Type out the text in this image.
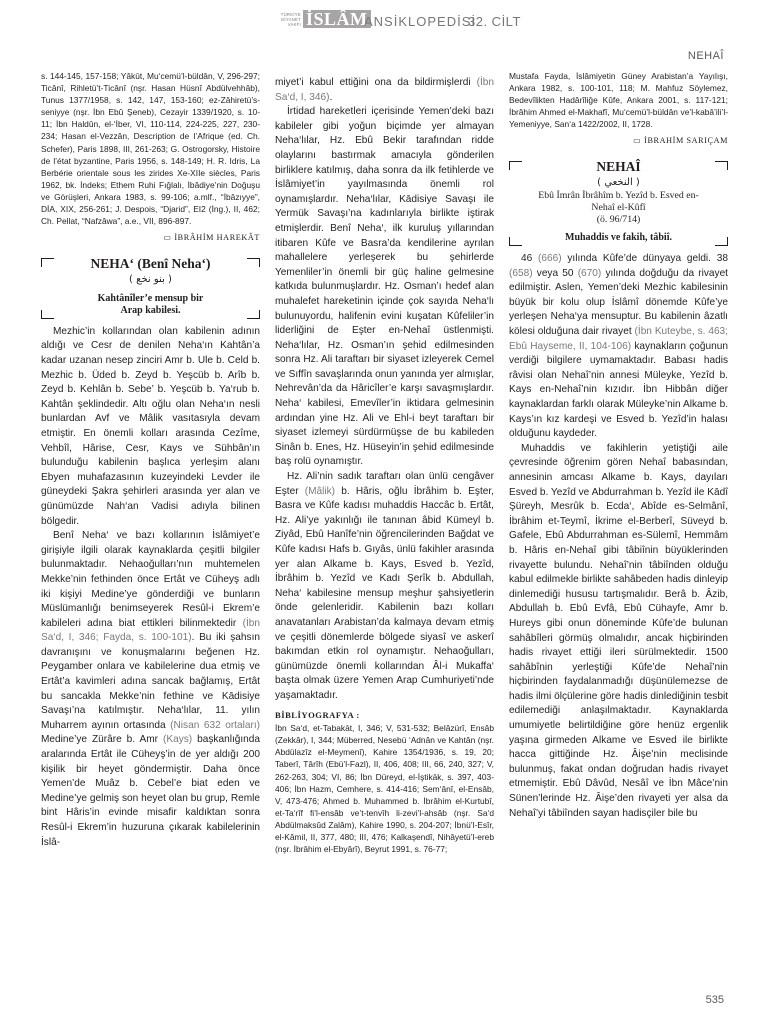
TÜRKİYE DİYANET VAKFI İSLÂM
ANSİKLOPEDİSİ
32. CİLT
NEHAÎ

s. 144-145, 157-158; Yâkūt, Mu‘cemü’l-büldân, V, 296-297; Ticânî, Rihletü’t-Ticânî (nşr. Hasan Hüsnî Abdülvehhâb), Tunus 1377/1958, s. 142, 147, 153-160; ez-Zâhiretü’s-seniyye (nşr. İbn Ebû Şeneb), Cezayir 1339/1920, s. 10-11; İbn Haldûn, el-‘İber, VI, 110-114, 224-225, 227, 230-234; Hasan el-Vezzân, Description de l’Afrique (ed. Ch. Schefer), Paris 1898, III, 261-263; G. Ostrogorsky, Histoire de l’état byzantine, Paris 1956, s. 148-149; H. R. Idris, La Berbérie orientale sous les zirides Xe-XIIe siècles, Paris 1962, bk. İndeks; Ethem Ruhi Fığlalı, İbâdiye’nin Doğuşu ve Görüşleri, Ankara 1983, s. 99-106; a.mlf., “İbâzıyye”, DİA, XIX, 256-261; J. Despois, “Djarid”, EI2 (İng.), II, 462; Ch. Pellat, “Nafzâwa”, a.e., VII, 896-897.

▭ İBRÂHİM HAREKÂT

NEHA‘ (Benî Neha‘)
( بنو نخع )
Kahtânîler’e mensup bir Arap kabilesi.

Mezhic’in kollarından olan kabilenin adının aldığı ve Cesr de denilen Neha‘ın Kahtân’a kadar uzanan nesep zinciri Amr b. Ule b. Celd b. Mezhic b. Üded b. Zeyd b. Yeşcüb b. Arîb b. Zeyd b. Kehlân b. Sebe’ b. Yeşcüb b. Ya‘rub b. Kahtân şeklindedir. Altı oğlu olan Neha‘ın nesli bunlardan Avf ve Mâlik vasıtasıyla devam etmiştir. En önemli kolları arasında Cezîme, Vehbîl, Hârise, Cesr, Kays ve Sühbân’ın bulunduğu kabilenin başlıca yerleşim alanı Ebyen muhafazasının kuzeyindeki Levder ile güneydeki Şakra şehirleri arasında yer alan ve günümüzde Nah‘an Vadisi adıyla bilinen bölgedir.

Benî Neha‘ ve bazı kollarının İslâmiyet’e girişiyle ilgili olarak kaynaklarda çeşitli bilgiler bulunmaktadır. Nehaoğulları’nın muhtemelen Mekke’nin fethinden önce Ertât ve Cüheyş adlı iki kişiyi Medine’ye gönderdiği ve bunların Müslümanlığı benimseyerek Resûl-i Ekrem’e kabileleri adına biat ettikleri bilinmektedir (İbn Sa‘d, I, 346; Fayda, s. 100-101). Bu iki şahsın davranışını ve konuşmalarını beğenen Hz. Peygamber onlara ve kabilelerine dua etmiş ve Ertât’a kavimleri adına sancak bağlamış, Ertât bu sancakla Mekke’nin fethine ve Kādisiye Savaşı’na katılmıştır. Neha‘lılar, 11. yılın Muharrem ayının ortasında (Nisan 632 ortaları) Medine’ye Zürâre b. Amr (Kays) başkanlığında aralarında Ertât ile Cüheyş’in de yer aldığı 200 kişilik bir heyet göndermiştir. Daha önce Yemen’de Muâz b. Cebel’e biat eden ve Medine’ye gelmiş son heyet olan bu grup, Remle bint Hâris’in evinde misafir kaldıktan sonra Resûl-i Ekrem’in huzuruna çıkarak kabilelerinin İslâ-

miyet’i kabul ettiğini ona da bildirmişlerdi (İbn Sa‘d, I, 346).

İrtidad hareketleri içerisinde Yemen’deki bazı kabileler gibi yoğun biçimde yer almayan Neha‘lılar, Hz. Ebû Bekir tarafından ridde olaylarını bastırmak amacıyla gönderilen birliklere katılmış, daha sonra da ilk fetihlerde ve İslâmiyet’in yayılmasında önemli rol oynamışlardır. Neha‘lılar, Kādisiye Savaşı ile Yermük Savaşı’na kadınlarıyla birlikte iştirak etmişlerdir. Benî Neha‘, ilk kuruluş yıllarından itibaren Kûfe ve Basra’da kendilerine ayrılan mahallelere yerleşerek bu şehirlerde Yemenliler’in önemli bir güç haline gelmesine katkıda bulunmuşlardır. Hz. Osman’ı hedef alan muhalefet hareketinin içinde çok sayıda Neha‘lı bulunuyordu, halifenin evini kuşatan Kûfeliler’in liderliğini de Eşter en-Nehaî üstlenmişti. Neha‘lılar, Hz. Osman’ın şehid edilmesinden sonra Hz. Ali taraftarı bir siyaset izleyerek Cemel ve Sıffîn savaşlarında onun yanında yer almışlar, Nehrevân’da da Hâricîler’e karşı savaşmışlardır. Neha‘ kabilesi, Emevîler’in iktidara gelmesinin ardından yine Hz. Ali ve Ehl-i beyt taraftarı bir siyaset izlemeyi sürdürmüşse de bu kabileden Sinân b. Enes, Hz. Hüseyin’in şehid edilmesinde baş rolü oynamıştır.

Hz. Ali’nin sadık taraftarı olan ünlü cengâver Eşter (Mâlik) b. Hâris, oğlu İbrâhim b. Eşter, Basra ve Kûfe kadısı muhaddis Haccâc b. Ertât, Hz. Ali’ye yakınlığı ile tanınan âbid Kümeyl b. Ziyâd, Ebû Hanîfe’nin öğrencilerinden Bağdat ve Kûfe kadısı Hafs b. Gıyâs, ünlü fakihler arasında yer alan Alkame b. Kays, Esved b. Yezîd, İbrâhim b. Yezîd ve Kadı Şerîk b. Abdullah, Neha‘ kabilesine mensup meşhur şahsiyetlerin önde gelenleridir. Kabilenin bazı kolları anavatanları Arabistan’da kalmaya devam etmiş ve çeşitli dönemlerde bölgede siyasî ve askerî bakımdan etkin rol oynamıştır. Nehaoğulları, günümüzde önemli kollarından Âl-i Mukaffa‘ başta olmak üzere Yemen Arap Cumhuriyeti’nde yaşamaktadır.

BİBLİYOGRAFYA :

İbn Sa‘d, et-Tabakāt, I, 346; V, 531-532; Belâzürî, Ensâb (Zekkâr), I, 344; Müberred, Nesebü ‘Adnân ve Kahtân (nşr. Abdülazîz el-Meymenî), Kahire 1354/1936, s. 19, 20; Taberî, Târîh (Ebü’l-Fazl), II, 406, 408; III, 66, 240, 327; V, 262-263, 304; VI, 86; İbn Düreyd, el-İştikāk, s. 397, 403-406; İbn Hazm, Cemhere, s. 414-416; Sem‘ânî, el-Ensâb, V, 473-476; Ahmed b. Muhammed b. İbrâhim el-Kurtubî, et-Ta‘rîf fi’l-ensâb ve’t-tenvîh li-zevi’l-ahsâb (nşr. Sa‘d Abdülmaksûd Zalâm), Kahire 1990, s. 204-207; İbnü’l-Esîr, el-Kâmil, II, 377, 480; III, 476; Kalkaşendî, Nihâyetü’l-ereb (nşr. İbrâhim el-Ebyârî), Beyrut 1991, s. 76-77;

Mustafa Fayda, İslâmiyetin Güney Arabistan’a Yayılışı, Ankara 1982, s. 100-101, 118; M. Mahfuz Söylemez, Bedevîlikten Hadârîliğe Kûfe, Ankara 2001, s. 117-121; İbrâhim Ahmed el-Makhafî, Mu‘cemü’l-büldân ve’l-kabâ’ili’l-Yemeniyye, San‘a 1422/2002, II, 1728.

▭ İBRAHİM SARIÇAM

NEHAÎ
( النخعي )
Ebû İmrân İbrâhîm b. Yezîd b. Esved en-Nehaî el-Kûfî
(ö. 96/714)
Muhaddis ve fakih, tâbiî.

46 (666) yılında Kûfe’de dünyaya geldi. 38 (658) veya 50 (670) yılında doğduğu da rivayet edilmiştir. Aslen, Yemen’deki Mezhic kabilesinin büyük bir kolu olup İslâmî dönemde Kûfe’ye yerleşen Neha‘ya mensuptur. Bu kabilenin âzatlı kölesi olduğuna dair rivayet (İbn Kuteybe, s. 463; Ebû Hayseme, II, 104-106) kaynakların çoğunun verdiği bilgilere uymamaktadır. Babası hadis râvisi olan Nehaî’nin annesi Müleyke, Yezîd b. Kays en-Nehaî’nin kızıdır. İbn Hibbân diğer kaynaklardan farklı olarak Müleyke’nin Alkame b. Kays’ın kız kardeşi ve Esved b. Yezîd’in halası olduğunu kaydeder.

Muhaddis ve fakihlerin yetiştiği aile çevresinde öğrenim gören Nehaî babasından, annesinin amcası Alkame b. Kays, dayıları Esved b. Yezîd ve Abdurrahman b. Yezîd ile Kādî Şüreyh, Mesrûk b. Ecda‘, Abîde es-Selmânî, İbrâhim et-Teymî, İkrime el-Berberî, Süveyd b. Gafele, Ebû Abdurrahman es-Sülemî, Hemmâm b. Hâris en-Nehaî gibi tâbiînin büyüklerinden rivayette bulundu. Nehaî’nin tâbiînden olduğu kabul edilmekle birlikte sahâbeden hadis dinleyip dinlemediği hususu tartışmalıdır. Berâ b. Âzib, Abdullah b. Ebû Evfâ, Ebû Cühayfe, Amr b. Hureys gibi onun döneminde Kûfe’de bulunan sahâbîleri görmüş olmalıdır, ancak hiçbirinden hadis rivayet ettiği ileri sürülmektedir. 1500 sahâbînin yerleştiği Kûfe’de Nehaî’nin hiçbirinden faydalanmadığı düşünülemezse de hadis ilmi ölçülerine göre hadis dinlediğinin tesbit edilemediği anlaşılmaktadır. Kaynaklarda umumiyetle belirtildiğine göre henüz ergenlik yaşına girmeden Alkame ve Esved ile birlikte hacca gittiğinde Hz. Âişe’nin meclisinde bulunmuş, fakat ondan doğrudan hadis rivayet etmemiştir. Ebû Dâvûd, Nesâî ve İbn Mâce’nin Sünen’lerinde Hz. Âişe’den rivayeti yer alsa da Nehaî’yi tâbiînden sayan hadisçiler bile bu

535
